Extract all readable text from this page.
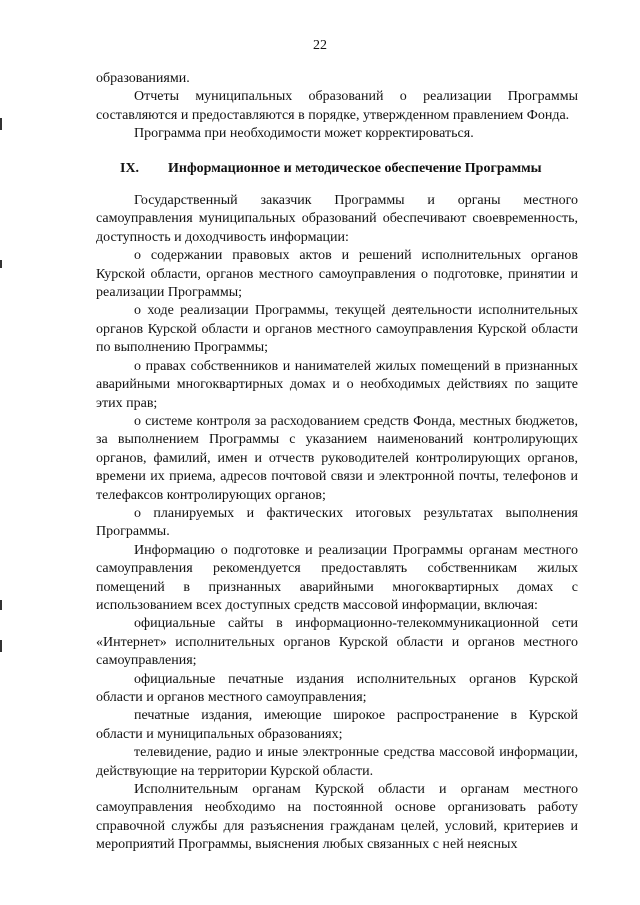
22

образованиями.

Отчеты муниципальных образований о реализации Программы составляются и предоставляются в порядке, утвержденном правлением Фонда.

Программа при необходимости может корректироваться.

IX. Информационное и методическое обеспечение Программы

Государственный заказчик Программы и органы местного самоуправления муниципальных образований обеспечивают своевременность, доступность и доходчивость информации:

о содержании правовых актов и решений исполнительных органов Курской области, органов местного самоуправления о подготовке, принятии и реализации Программы;

о ходе реализации Программы, текущей деятельности исполнительных органов Курской области и органов местного самоуправления Курской области по выполнению Программы;

о правах собственников и нанимателей жилых помещений в признанных аварийными многоквартирных домах и о необходимых действиях по защите этих прав;

о системе контроля за расходованием средств Фонда, местных бюджетов, за выполнением Программы с указанием наименований контролирующих органов, фамилий, имен и отчеств руководителей контролирующих органов, времени их приема, адресов почтовой связи и электронной почты, телефонов и телефаксов контролирующих органов;

о планируемых и фактических итоговых результатах выполнения Программы.

Информацию о подготовке и реализации Программы органам местного самоуправления рекомендуется предоставлять собственникам жилых помещений в признанных аварийными многоквартирных домах с использованием всех доступных средств массовой информации, включая:

официальные сайты в информационно-телекоммуникационной сети «Интернет» исполнительных органов Курской области и органов местного самоуправления;

официальные печатные издания исполнительных органов Курской области и органов местного самоуправления;

печатные издания, имеющие широкое распространение в Курской области и муниципальных образованиях;

телевидение, радио и иные электронные средства массовой информации, действующие на территории Курской области.

Исполнительным органам Курской области и органам местного самоуправления необходимо на постоянной основе организовать работу справочной службы для разъяснения гражданам целей, условий, критериев и мероприятий Программы, выяснения любых связанных с ней неясных
